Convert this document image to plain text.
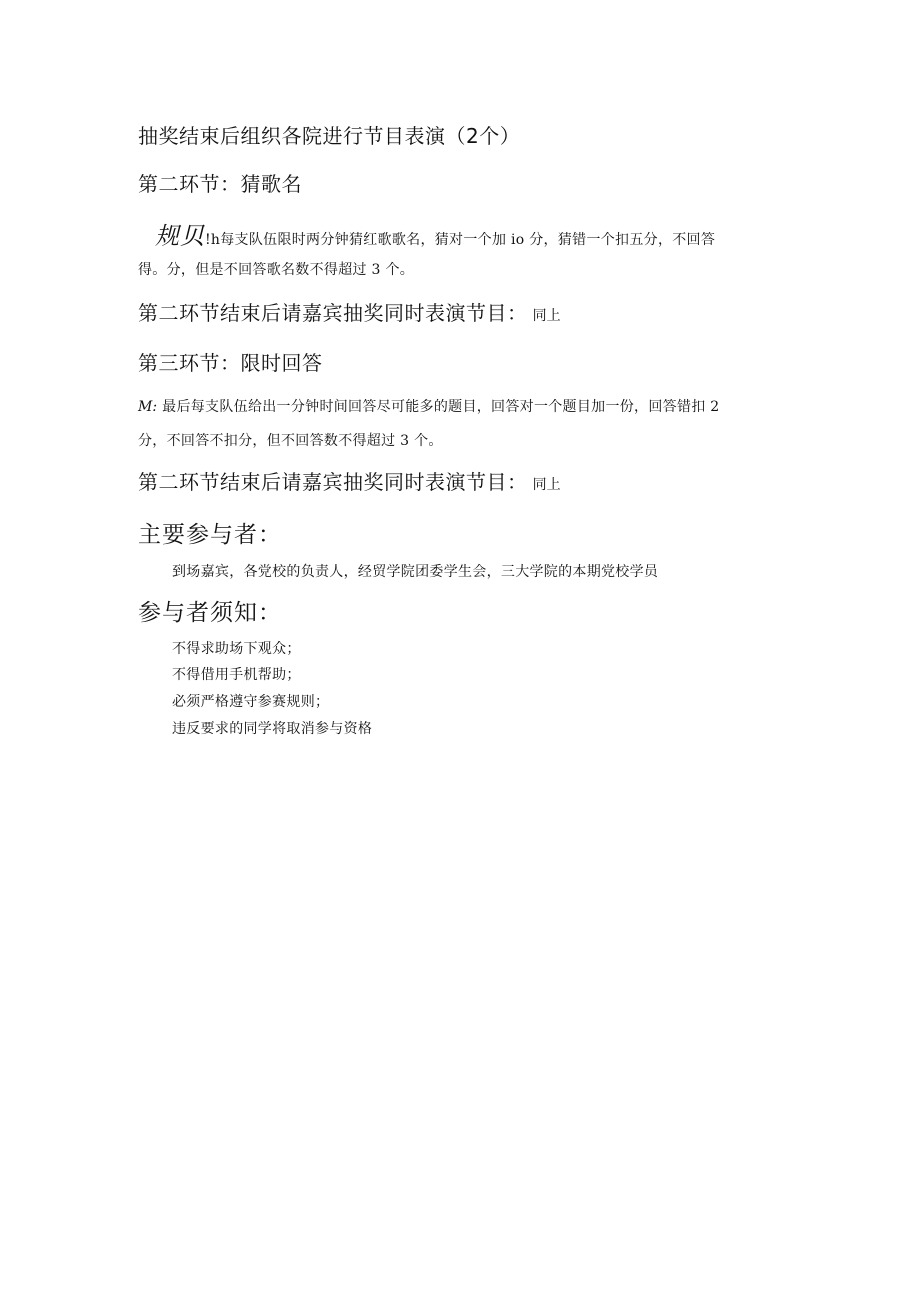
抽奖结束后组织各院进行节目表演（2个）
第二环节：猜歌名
规贝!h每支队伍限时两分钟猜红歌歌名，猜对一个加 io 分，猜错一个扣五分，不回答
得。分，但是不回答歌名数不得超过 3 个。
第二环节结束后请嘉宾抽奖同时表演节目： 同上
第三环节：限时回答
M: 最后每支队伍给出一分钟时间回答尽可能多的题目，回答对一个题目加一份，回答错扣 2
分，不回答不扣分，但不回答数不得超过 3 个。
第二环节结束后请嘉宾抽奖同时表演节目： 同上
主要参与者：
到场嘉宾，各党校的负责人，经贸学院团委学生会，三大学院的本期党校学员
参与者须知：
不得求助场下观众；
不得借用手机帮助；
必须严格遵守参赛规则；
违反要求的同学将取消参与资格
